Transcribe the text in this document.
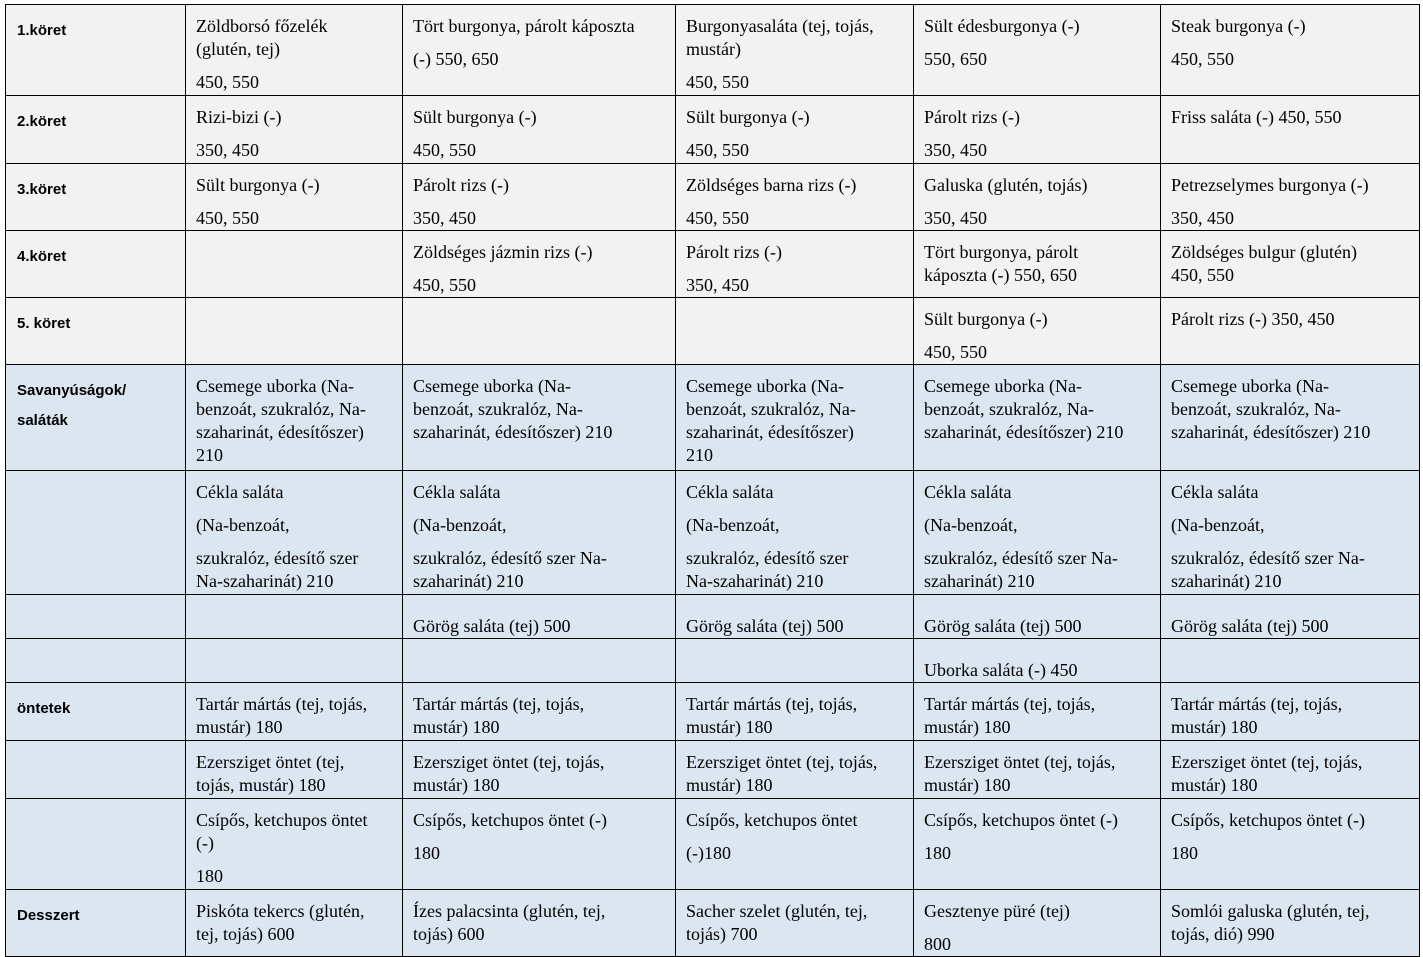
1.köret	Zöldborsó főzelék
(glutén, tej)
450, 550	Tört burgonya, párolt káposzta
(-) 550, 650	Burgonyasaláta (tej, tojás,
mustár)
450, 550	Sült édesburgonya (-)
550, 650	Steak burgonya (-)
450, 550

2.köret	Rizi-bizi (-)
350, 450	Sült burgonya (-)
450, 550	Sült burgonya (-)
450, 550	Párolt rizs (-)
350, 450	Friss saláta (-) 450, 550

3.köret	Sült burgonya (-)
450, 550	Párolt rizs (-)
350, 450	Zöldséges barna rizs (-)
450, 550	Galuska (glutén, tojás)
350, 450	Petrezselymes burgonya (-)
350, 450

4.köret		Zöldséges jázmin rizs (-)
450, 550	Párolt rizs (-)
350, 450	Tört burgonya, párolt
káposzta (-) 550, 650	Zöldséges bulgur (glutén)
450, 550

5. köret				Sült burgonya (-)
450, 550	Párolt rizs (-) 350, 450

Savanyúságok/
saláták	Csemege uborka (Na-
benzoát, szukralóz, Na-
szaharinát, édesítőszer)
210	Csemege uborka (Na-
benzoát, szukralóz, Na-
szaharinát, édesítőszer) 210	Csemege uborka (Na-
benzoát, szukralóz, Na-
szaharinát, édesítőszer)
210	Csemege uborka (Na-
benzoát, szukralóz, Na-
szaharinát, édesítőszer) 210	Csemege uborka (Na-
benzoát, szukralóz, Na-
szaharinát, édesítőszer) 210

	Cékla saláta
(Na-benzoát,
szukralóz, édesítő szer
Na-szaharinát) 210	Cékla saláta
(Na-benzoát,
szukralóz, édesítő szer Na-
szaharinát) 210	Cékla saláta
(Na-benzoát,
szukralóz, édesítő szer
Na-szaharinát) 210	Cékla saláta
(Na-benzoát,
szukralóz, édesítő szer Na-
szaharinát) 210	Cékla saláta
(Na-benzoát,
szukralóz, édesítő szer Na-
szaharinát) 210

		Görög saláta (tej) 500	Görög saláta (tej) 500	Görög saláta (tej) 500	Görög saláta (tej) 500

				Uborka saláta (-) 450	

öntetek	Tartár mártás (tej, tojás,
mustár) 180	Tartár mártás (tej, tojás,
mustár) 180	Tartár mártás (tej, tojás,
mustár) 180	Tartár mártás (tej, tojás,
mustár) 180	Tartár mártás (tej, tojás,
mustár) 180

	Ezersziget öntet (tej,
tojás, mustár) 180	Ezersziget öntet (tej, tojás,
mustár) 180	Ezersziget öntet (tej, tojás,
mustár) 180	Ezersziget öntet (tej, tojás,
mustár) 180	Ezersziget öntet (tej, tojás,
mustár) 180

	Csípős, ketchupos öntet
(-)
180	Csípős, ketchupos öntet (-)
180	Csípős, ketchupos öntet
(-)180	Csípős, ketchupos öntet (-)
180	Csípős, ketchupos öntet (-)
180

Desszert	Piskóta tekercs (glutén,
tej, tojás) 600	Ízes palacsinta (glutén, tej,
tojás) 600	Sacher szelet (glutén, tej,
tojás) 700	Gesztenye püré (tej)
800	Somlói galuska (glutén, tej,
tojás, dió) 990
